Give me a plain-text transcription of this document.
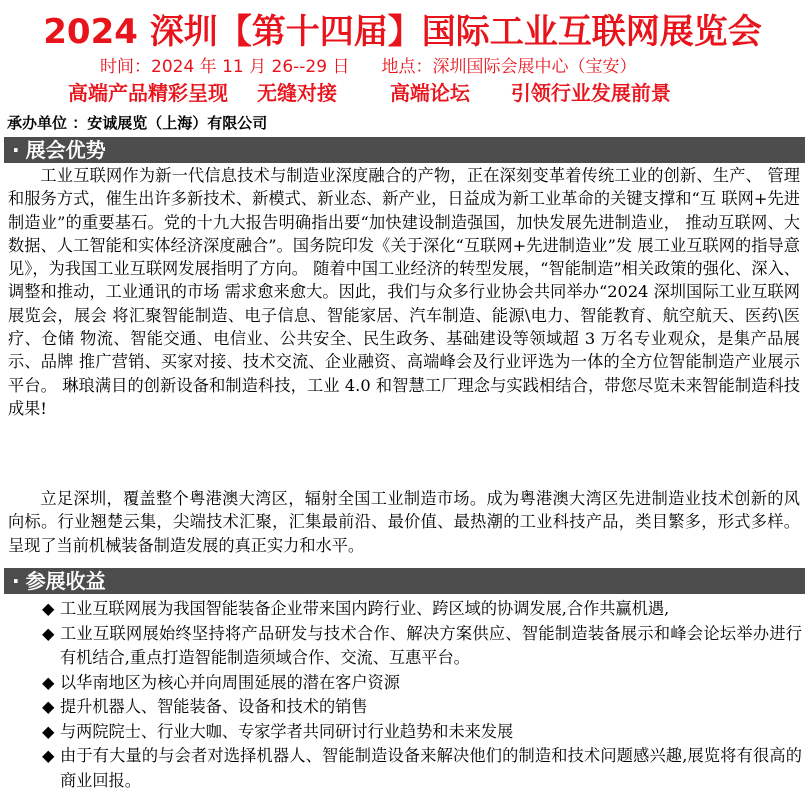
2024 深圳【第十四届】国际工业互联网展览会
时间：2024 年 11 月 26--29 日 地点：深圳国际会展中心（宝安）
高端产品精彩呈现 无缝对接	高端论坛 引领行业发展前景
承办单位 ：安诚展览（上海）有限公司
· 展会优势
工业互联网作为新一代信息技术与制造业深度融合的产物，正在深刻变革着传统工业的创新、生产、 管理和服务方式，催生出许多新技术、新模式、新业态、新产业，日益成为新工业革命的关键支撑和“互 联网+先进制造业”的重要基石。党的十九大报告明确指出要“加快建设制造强国，加快发展先进制造业， 推动互联网、大数据、人工智能和实体经济深度融合”。国务院印发《关于深化“互联网+先进制造业”发 展工业互联网的指导意见》，为我国工业互联网发展指明了方向。 随着中国工业经济的转型发展，“智能制造”相关政策的强化、深入、调整和推动，工业通讯的市场 需求愈来愈大。因此，我们与众多行业协会共同举办“2024 深圳国际工业互联网展览会，展会 将汇聚智能制造、电子信息、智能家居、汽车制造、能源\电力、智能教育、航空航天、医药\医疗、仓储 物流、智能交通、电信业、公共安全、民生政务、基础建设等领域超 3 万名专业观众，是集产品展示、品牌 推广营销、买家对接、技术交流、企业融资、高端峰会及行业评选为一体的全方位智能制造产业展示平台。 琳琅满目的创新设备和制造科技，工业 4.0 和智慧工厂理念与实践相结合，带您尽览未来智能制造科技成果!
立足深圳，覆盖整个粤港澳大湾区，辐射全国工业制造市场。成为粤港澳大湾区先进制造业技术创新的风向标。行业翘楚云集，尖端技术汇聚，汇集最前沿、最价值、最热潮的工业科技产品，类目繁多，形式多样。呈现了当前机械装备制造发展的真正实力和水平。
· 参展收益
◆ 工业互联网展为我国智能装备企业带来国内跨行业、跨区域的协调发展,合作共赢机遇,
◆ 工业互联网展始终坚持将产品研发与技术合作、解决方案供应、智能制造装备展示和峰会论坛举办进行有机结合,重点打造智能制造须域合作、交流、互惠平台。
◆ 以华南地区为核心并向周围延展的潜在客户资源
◆ 提升机器人、智能装备、设备和技术的销售
◆ 与两院院士、行业大咖、专家学者共同研讨行业趋势和未来发展
◆ 由于有大量的与会者对选择机器人、智能制造设备来解决他们的制造和技术问题感兴趣,展览将有很高的商业回报。
